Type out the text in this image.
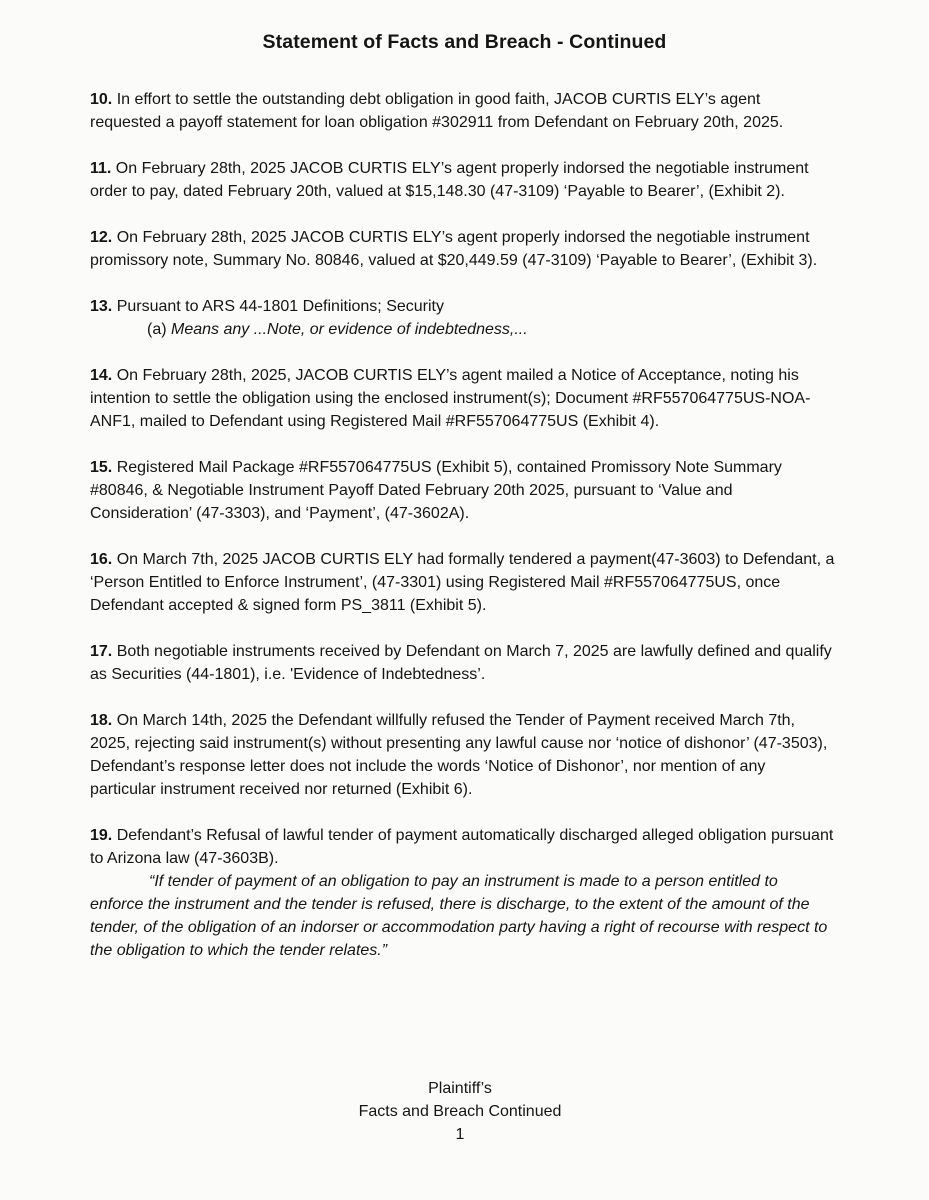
Statement of Facts and Breach - Continued

10. In effort to settle the outstanding debt obligation in good faith, JACOB CURTIS ELY’s agent requested a payoff statement for loan obligation #302911 from Defendant on February 20th, 2025.

11. On February 28th, 2025 JACOB CURTIS ELY’s agent properly indorsed the negotiable instrument order to pay, dated February 20th, valued at $15,148.30 (47-3109) ‘Payable to Bearer’, (Exhibit 2).

12. On February 28th, 2025 JACOB CURTIS ELY’s agent properly indorsed the negotiable instrument promissory note, Summary No. 80846, valued at $20,449.59 (47-3109) ‘Payable to Bearer’, (Exhibit 3).

13. Pursuant to ARS 44-1801 Definitions; Security
(a) Means any ...Note, or evidence of indebtedness,...

14. On February 28th, 2025, JACOB CURTIS ELY’s agent mailed a Notice of Acceptance, noting his intention to settle the obligation using the enclosed instrument(s); Document #RF557064775US-NOA-ANF1, mailed to Defendant using Registered Mail #RF557064775US (Exhibit 4).

15. Registered Mail Package #RF557064775US (Exhibit 5), contained Promissory Note Summary #80846, & Negotiable Instrument Payoff Dated February 20th 2025, pursuant to ‘Value and Consideration’ (47-3303), and ‘Payment’, (47-3602A).

16. On March 7th, 2025 JACOB CURTIS ELY had formally tendered a payment(47-3603) to Defendant, a ‘Person Entitled to Enforce Instrument’, (47-3301) using Registered Mail #RF557064775US, once Defendant accepted & signed form PS_3811 (Exhibit 5).

17. Both negotiable instruments received by Defendant on March 7, 2025 are lawfully defined and qualify as Securities (44-1801), i.e. 'Evidence of Indebtedness’.

18. On March 14th, 2025 the Defendant willfully refused the Tender of Payment received March 7th, 2025, rejecting said instrument(s) without presenting any lawful cause nor ‘notice of dishonor’ (47-3503), Defendant’s response letter does not include the words ‘Notice of Dishonor’, nor mention of any particular instrument received nor returned (Exhibit 6).

19. Defendant’s Refusal of lawful tender of payment automatically discharged alleged obligation pursuant to Arizona law (47-3603B).

“If tender of payment of an obligation to pay an instrument is made to a person entitled to enforce the instrument and the tender is refused, there is discharge, to the extent of the amount of the tender, of the obligation of an indorser or accommodation party having a right of recourse with respect to the obligation to which the tender relates.”

Plaintiff’s
Facts and Breach Continued
1
